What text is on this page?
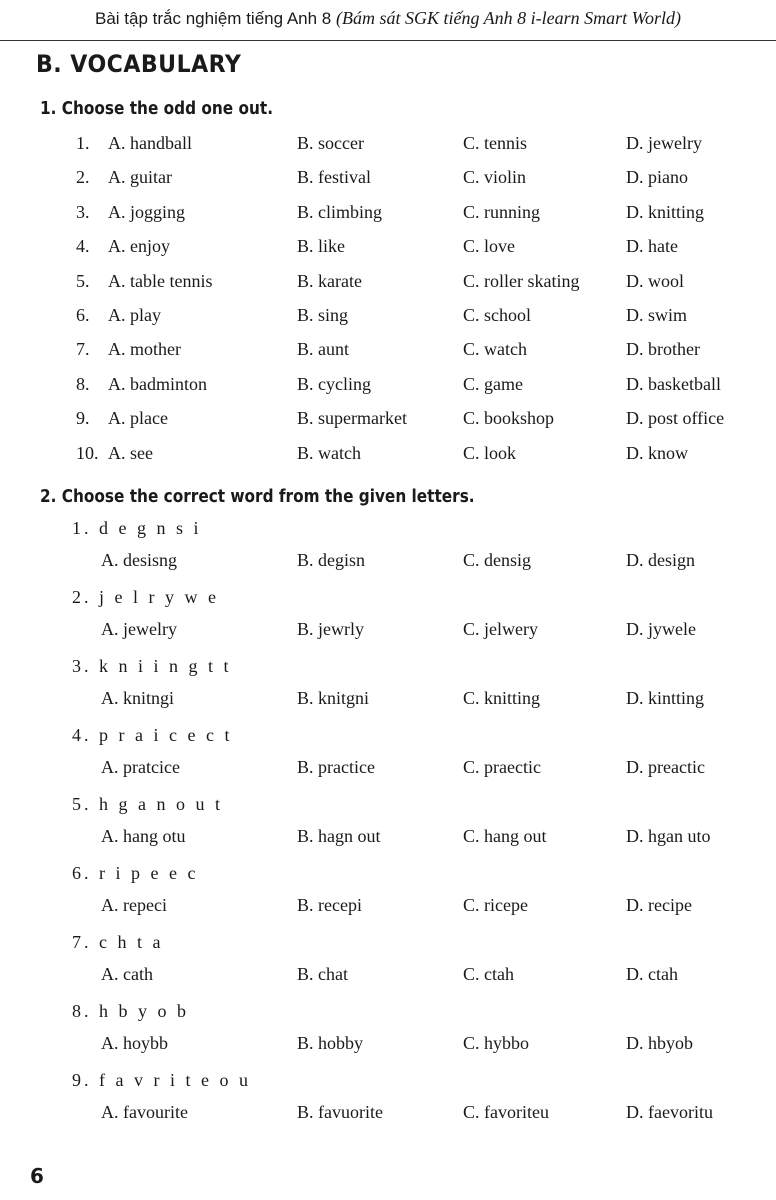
Bài tập trắc nghiệm tiếng Anh 8 (Bám sát SGK tiếng Anh 8 i-learn Smart World)
B. VOCABULARY
1. Choose the odd one out.
1. A. handball	B. soccer	C. tennis	D. jewelry
2. A. guitar	B. festival	C. violin	D. piano
3. A. jogging	B. climbing	C. running	D. knitting
4. A. enjoy	B. like	C. love	D. hate
5. A. table tennis	B. karate	C. roller skating	D. wool
6. A. play	B. sing	C. school	D. swim
7. A. mother	B. aunt	C. watch	D. brother
8. A. badminton	B. cycling	C. game	D. basketball
9. A. place	B. supermarket	C. bookshop	D. post office
10. A. see	B. watch	C. look	D. know
2. Choose the correct word from the given letters.
1. d e g n s i
A. desisng	B. degisn	C. densig	D. design
2. j e l r y w e
A. jewelry	B. jewrly	C. jelwery	D. jywele
3. k n i i n g t t
A. knitngi	B. knitgni	C. knitting	D. kintting
4. p r a i c e c t
A. pratcice	B. practice	C. praectic	D. preactic
5. h g a n o u t
A. hang otu	B. hagn out	C. hang out	D. hgan uto
6. r i p e e c
A. repeci	B. recepi	C. ricepe	D. recipe
7. c h t a
A. cath	B. chat	C. ctah	D. ctah
8. h b y o b
A. hoybb	B. hobby	C. hybbo	D. hbyob
9. f a v r i t e o u
A. favourite	B. favuorite	C. favoriteu	D. faevoritu
6
